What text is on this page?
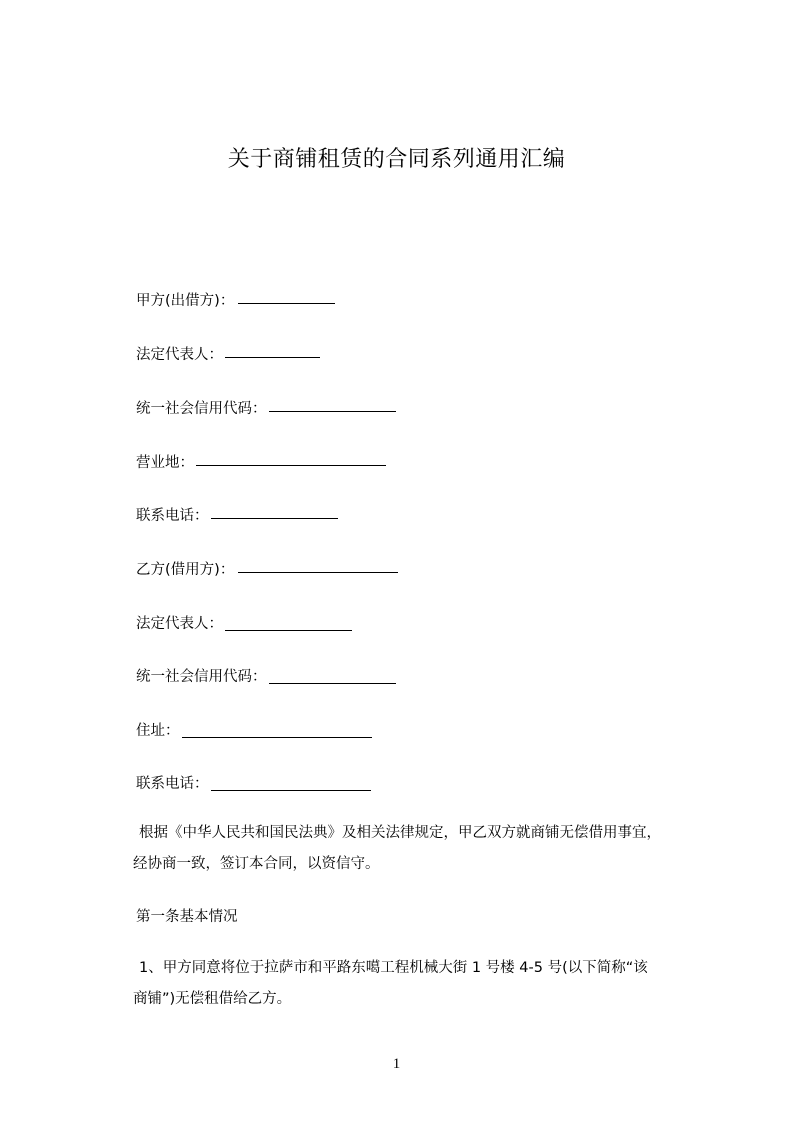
关于商铺租赁的合同系列通用汇编
甲方(出借方)：
法定代表人：
统一社会信用代码：
营业地：
联系电话：
乙方(借用方)：
法定代表人：
统一社会信用代码：
住址：
联系电话：
根据《中华人民共和国民法典》及相关法律规定，甲乙双方就商铺无偿借用事宜，
经协商一致，签订本合同，以资信守。
第一条基本情况
1、甲方同意将位于拉萨市和平路东噶工程机械大街 1 号楼 4-5 号(以下简称“该
商铺”)无偿租借给乙方。
1
